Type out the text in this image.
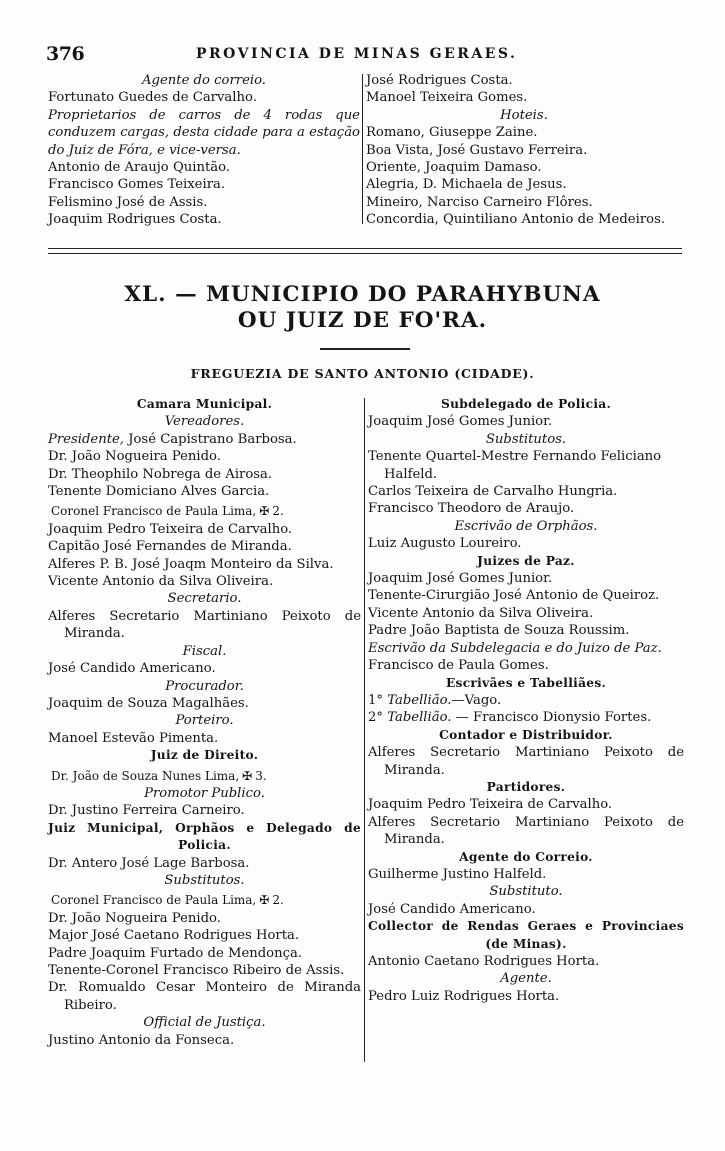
376	PROVINCIA DE MINAS GERAES.
Agente do correio.
Fortunato Guedes de Carvalho.
Proprietarios de carros de 4 rodas que conduzem cargas, desta cidade para a estação do Juiz de Fóra, e vice-versa.
Antonio de Araujo Quintão.
Francisco Gomes Teixeira.
Felismino José de Assis.
Joaquim Rodrigues Costa.
José Rodrigues Costa.
Manoel Teixeira Gomes.
Hoteis.
Romano, Giuseppe Zaine.
Boa Vista, José Gustavo Ferreira.
Oriente, Joaquim Damaso.
Alegria, D. Michaela de Jesus.
Mineiro, Narciso Carneiro Flôres.
Concordia, Quintiliano Antonio de Medeiros.
XL. — MUNICIPIO DO PARAHYBUNA
OU JUIZ DE FO'RA.
FREGUEZIA DE SANTO ANTONIO (CIDADE).
Camara Municipal.
Vereadores.
Presidente, José Capistrano Barbosa.
Dr. João Nogueira Penido.
Dr. Theophilo Nobrega de Airosa.
Tenente Domiciano Alves Garcia.
Coronel Francisco de Paula Lima, ✠ 2.
Joaquim Pedro Teixeira de Carvalho.
Capitão José Fernandes de Miranda.
Alferes P. B. José Joaqm Monteiro da Silva.
Vicente Antonio da Silva Oliveira.
Secretario.
Alferes Secretario Martiniano Peixoto de Miranda.
Fiscal.
José Candido Americano.
Procurador.
Joaquim de Souza Magalhães.
Porteiro.
Manoel Estevão Pimenta.
Juiz de Direito.
Dr. João de Souza Nunes Lima, ✠ 3.
Promotor Publico.
Dr. Justino Ferreira Carneiro.
Juiz Municipal, Orphãos e Delegado de Policia.
Dr. Antero José Lage Barbosa.
Substitutos.
Coronel Francisco de Paula Lima, ✠ 2.
Dr. João Nogueira Penido.
Major José Caetano Rodrigues Horta.
Padre Joaquim Furtado de Mendonça.
Tenente-Coronel Francisco Ribeiro de Assis.
Dr. Romualdo Cesar Monteiro de Miranda Ribeiro.
Official de Justiça.
Justino Antonio da Fonseca.
Subdelegado de Policia.
Joaquim José Gomes Junior.
Substitutos.
Tenente Quartel-Mestre Fernando Feliciano Halfeld.
Carlos Teixeira de Carvalho Hungria.
Francisco Theodoro de Araujo.
Escrivão de Orphãos.
Luiz Augusto Loureiro.
Juizes de Paz.
Joaquim José Gomes Junior.
Tenente-Cirurgião José Antonio de Queiroz.
Vicente Antonio da Silva Oliveira.
Padre João Baptista de Souza Roussim.
Escrivão da Subdelegacia e do Juizo de Paz.
Francisco de Paula Gomes.
Escrivães e Tabelliães.
1° Tabellião.—Vago.
2° Tabellião. — Francisco Dionysio Fortes.
Contador e Distribuidor.
Alferes Secretario Martiniano Peixoto de Miranda.
Partidores.
Joaquim Pedro Teixeira de Carvalho.
Alferes Secretario Martiniano Peixoto de Miranda.
Agente do Correio.
Guilherme Justino Halfeld.
Substituto.
José Candido Americano.
Collector de Rendas Geraes e Provinciaes (de Minas).
Antonio Caetano Rodrigues Horta.
Agente.
Pedro Luiz Rodrigues Horta.
